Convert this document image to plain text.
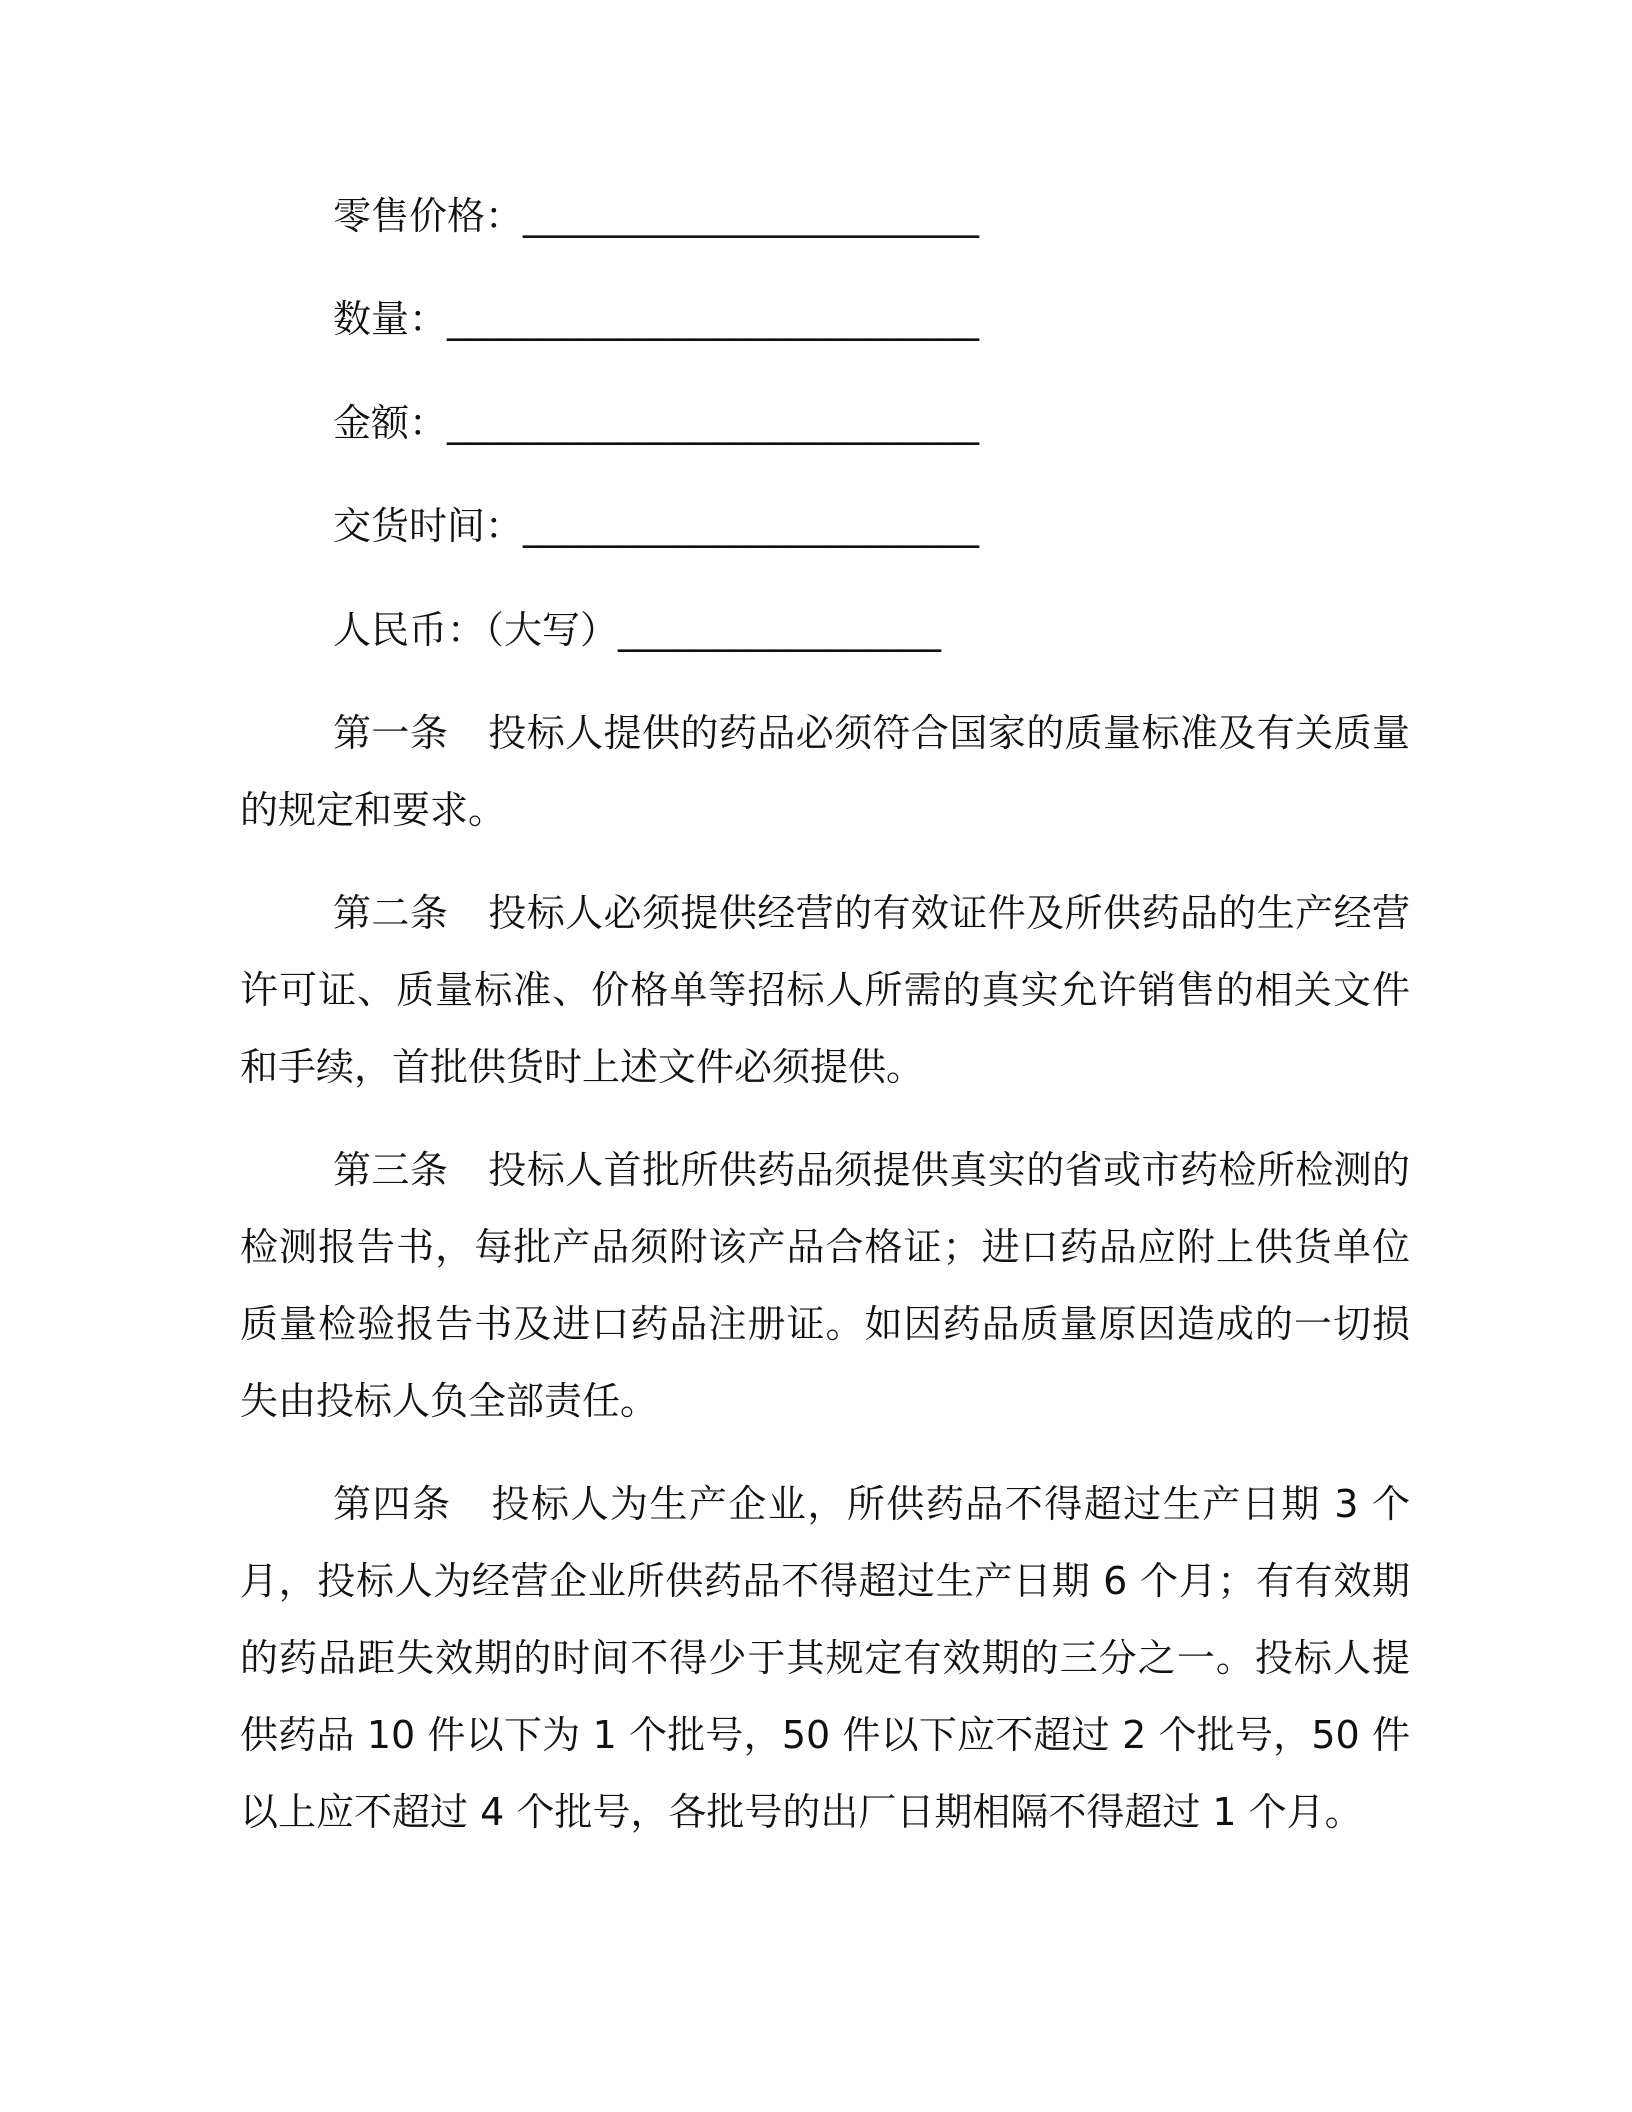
零售价格：________________________
数量：____________________________
金额：____________________________
交货时间：________________________
人民币：（大写）_________________

第一条 投标人提供的药品必须符合国家的质量标准及有关质量的规定和要求。

第二条 投标人必须提供经营的有效证件及所供药品的生产经营许可证、质量标准、价格单等招标人所需的真实允许销售的相关文件和手续，首批供货时上述文件必须提供。

第三条 投标人首批所供药品须提供真实的省或市药检所检测的检测报告书，每批产品须附该产品合格证；进口药品应附上供货单位质量检验报告书及进口药品注册证。如因药品质量原因造成的一切损失由投标人负全部责任。

第四条 投标人为生产企业，所供药品不得超过生产日期 3 个月，投标人为经营企业所供药品不得超过生产日期 6 个月；有有效期的药品距失效期的时间不得少于其规定有效期的三分之一。投标人提供药品 10 件以下为 1 个批号，50 件以下应不超过 2 个批号，50 件以上应不超过 4 个批号，各批号的出厂日期相隔不得超过 1 个月。
